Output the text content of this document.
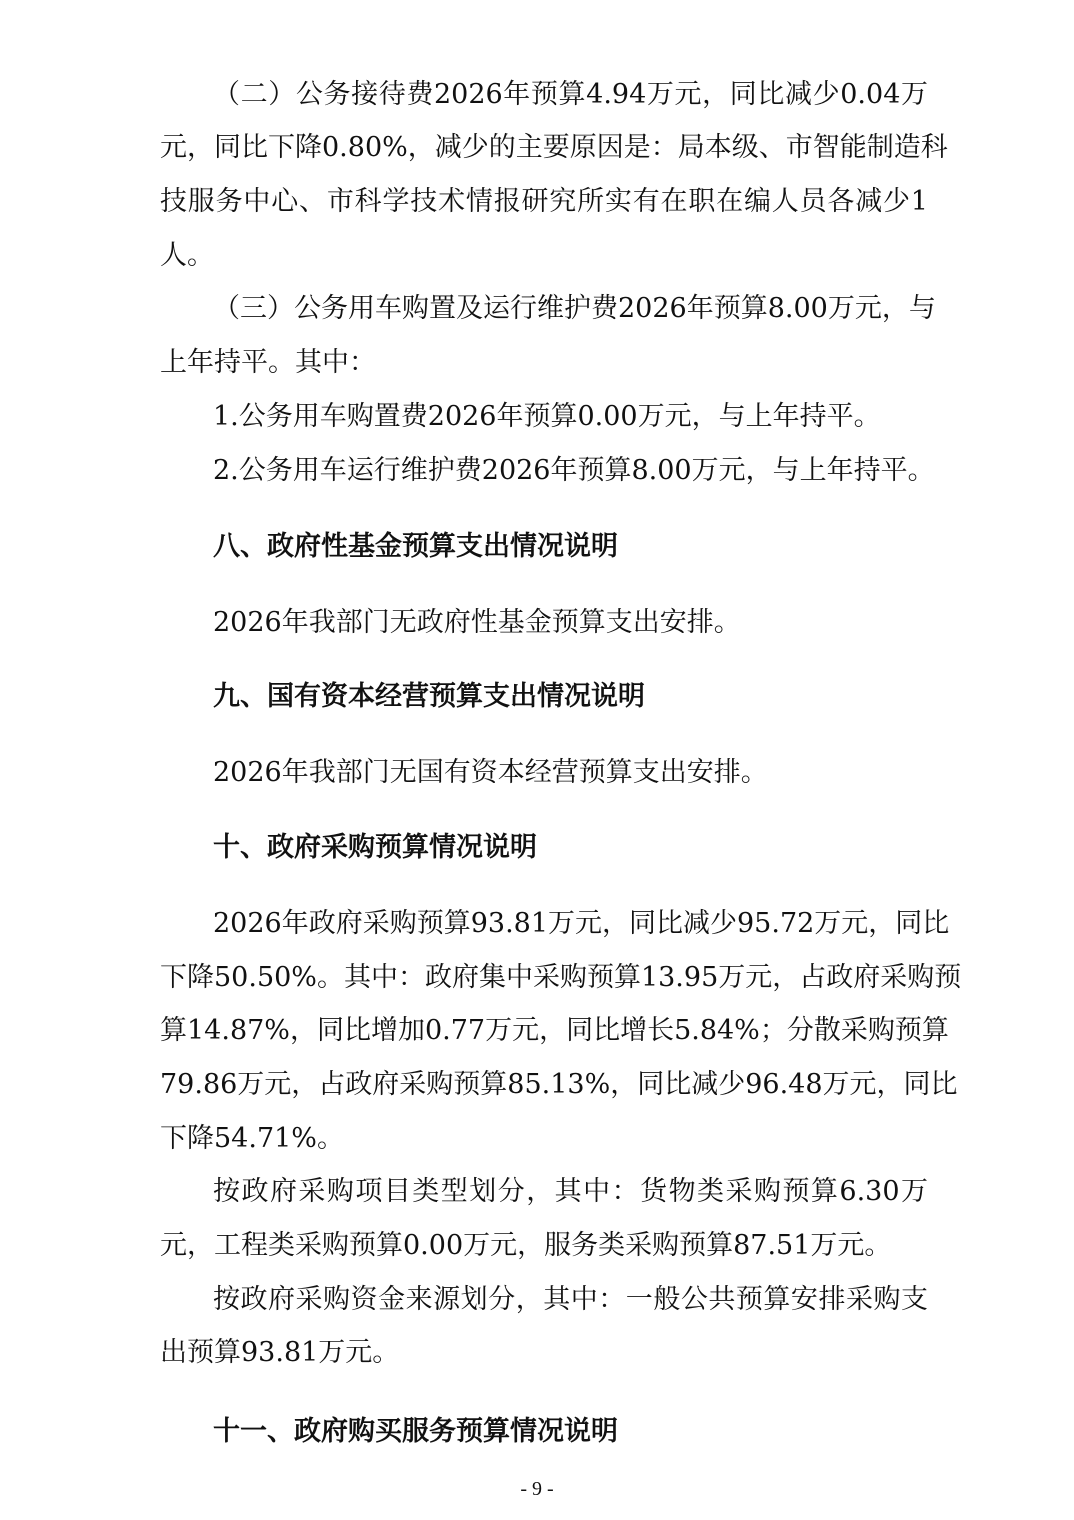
（二）公务接待费2026年预算4.94万元，同比减少0.04万
元，同比下降0.80%，减少的主要原因是：局本级、市智能制造科
技服务中心、市科学技术情报研究所实有在职在编人员各减少1
人。
（三）公务用车购置及运行维护费2026年预算8.00万元，与
上年持平。其中：
1.公务用车购置费2026年预算0.00万元，与上年持平。
2.公务用车运行维护费2026年预算8.00万元，与上年持平。
八、政府性基金预算支出情况说明
2026年我部门无政府性基金预算支出安排。
九、国有资本经营预算支出情况说明
2026年我部门无国有资本经营预算支出安排。
十、政府采购预算情况说明
2026年政府采购预算93.81万元，同比减少95.72万元，同比
下降50.50%。其中：政府集中采购预算13.95万元，占政府采购预
算14.87%，同比增加0.77万元，同比增长5.84%；分散采购预算
79.86万元，占政府采购预算85.13%，同比减少96.48万元，同比
下降54.71%。
按政府采购项目类型划分，其中：货物类采购预算6.30万
元，工程类采购预算0.00万元，服务类采购预算87.51万元。
按政府采购资金来源划分，其中：一般公共预算安排采购支
出预算93.81万元。
十一、政府购买服务预算情况说明
- 9 -
